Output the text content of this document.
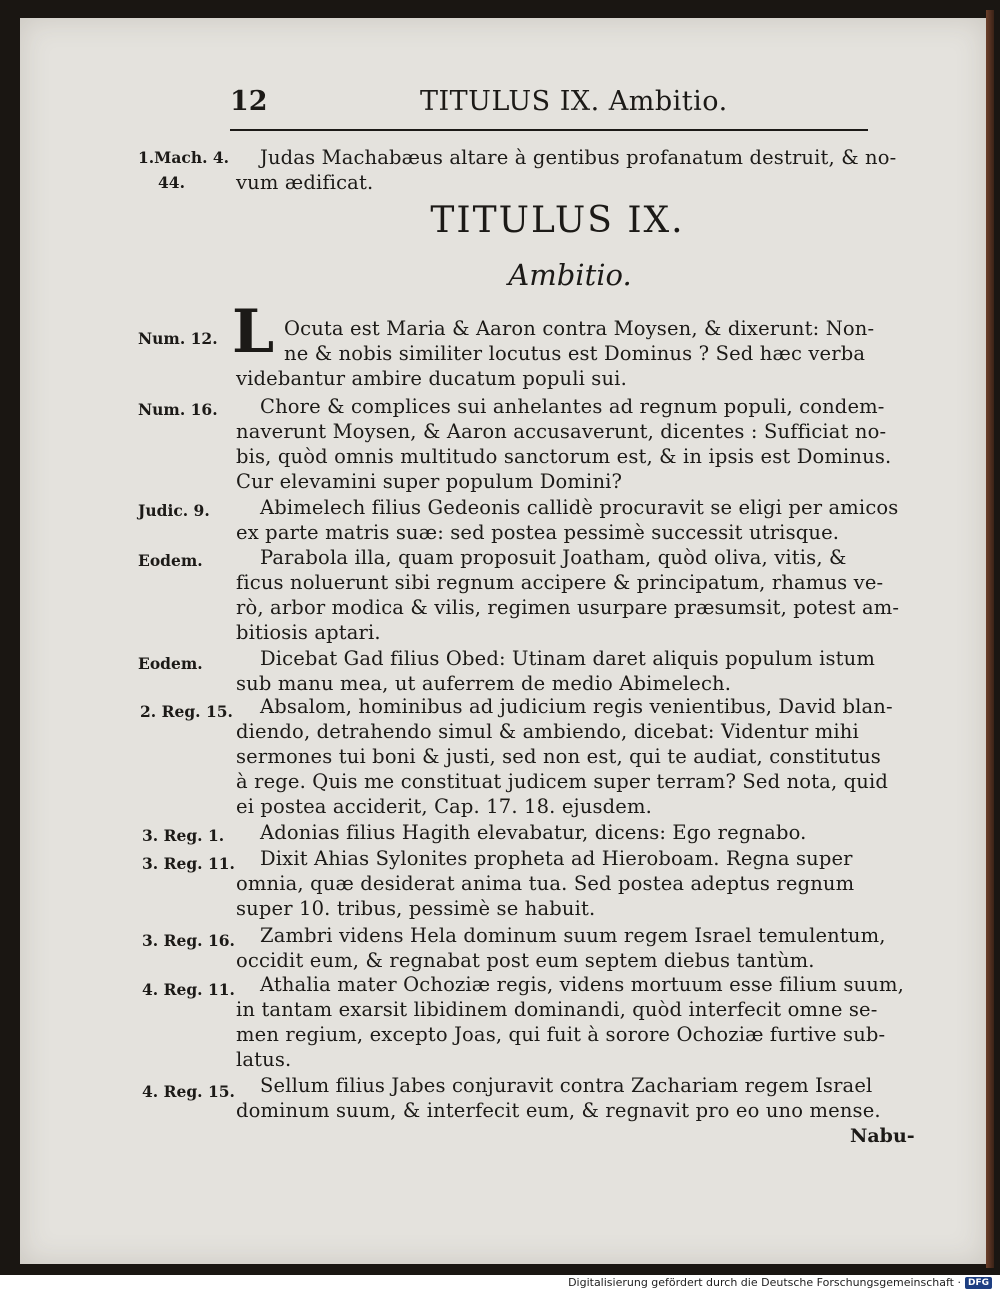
12	TITULUS IX. Ambitio.
TITULUS IX.
Ambitio.
L
1.Mach. 4.
44.
Judas Machabæus altare à gentibus profanatum destruit, & no-
vum ædificat.
Num. 12.	Ocuta est Maria & Aaron contra Moysen, & dixerunt: Non-
ne & nobis similiter locutus est Dominus ? Sed hæc verba
videbantur ambire ducatum populi sui.
Num. 16. Chore & complices sui anhelantes ad regnum populi, condem-
naverunt Moysen, & Aaron accusaverunt, dicentes : Sufficiat no-
bis, quòd omnis multitudo sanctorum est, & in ipsis est Dominus.
Cur elevamini super populum Domini?
Judic. 9.	Abimelech filius Gedeonis callidè procuravit se eligi per amicos
ex parte matris suæ: sed postea pessimè successit utrisque.
Eodem.	Parabola illa, quam proposuit Joatham, quòd oliva, vitis, &
ficus noluerunt sibi regnum accipere & principatum, rhamus ve-
rò, arbor modica & vilis, regimen usurpare præsumsit, potest am-
bitiosis aptari.
Eodem.	Dicebat Gad filius Obed: Utinam daret aliquis populum istum
sub manu mea, ut auferrem de medio Abimelech.
2. Reg. 15. Absalom, hominibus ad judicium regis venientibus, David blan-
diendo, detrahendo simul & ambiendo, dicebat: Videntur mihi
sermones tui boni & justi, sed non est, qui te audiat, constitutus
à rege. Quis me constituat judicem super terram? Sed nota, quid
ei postea acciderit, Cap. 17. 18. ejusdem.
3. Reg. 1. Adonias filius Hagith elevabatur, dicens: Ego regnabo.
3. Reg. 11. Dixit Ahias Sylonites propheta ad Hieroboam. Regna super
omnia, quæ desiderat anima tua. Sed postea adeptus regnum
super 10. tribus, pessimè se habuit.
3. Reg. 16. Zambri videns Hela dominum suum regem Israel temulentum,
occidit eum, & regnabat post eum septem diebus tantùm.
4. Reg. 11. Athalia mater Ochoziæ regis, videns mortuum esse filium suum,
in tantam exarsit libidinem dominandi, quòd interfecit omne se-
men regium, excepto Joas, qui fuit à sorore Ochoziæ furtive sub-
latus.
4. Reg. 15. Sellum filius Jabes conjuravit contra Zachariam regem Israel
dominum suum, & interfecit eum, & regnavit pro eo uno mense.
Nabu-
Digitalisierung gefördert durch die Deutsche Forschungsgemeinschaft · DFG
